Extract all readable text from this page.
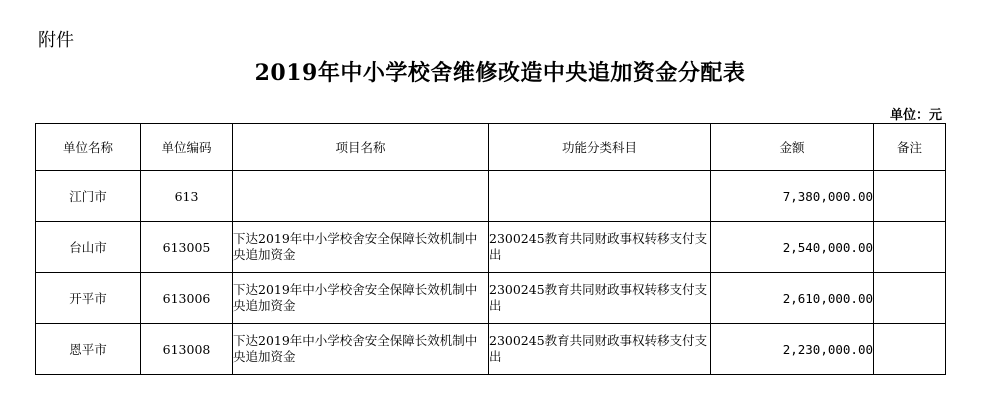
附件
2019年中小学校舍维修改造中央追加资金分配表
单位：元
单位名称	单位编码	项目名称	功能分类科目	金额	备注
江门市	613			7,380,000.00	
台山市	613005	下达2019年中小学校舍安全保障长效机制中央追加资金	2300245教育共同财政事权转移支付支出	2,540,000.00	
开平市	613006	下达2019年中小学校舍安全保障长效机制中央追加资金	2300245教育共同财政事权转移支付支出	2,610,000.00	
恩平市	613008	下达2019年中小学校舍安全保障长效机制中央追加资金	2300245教育共同财政事权转移支付支出	2,230,000.00	
